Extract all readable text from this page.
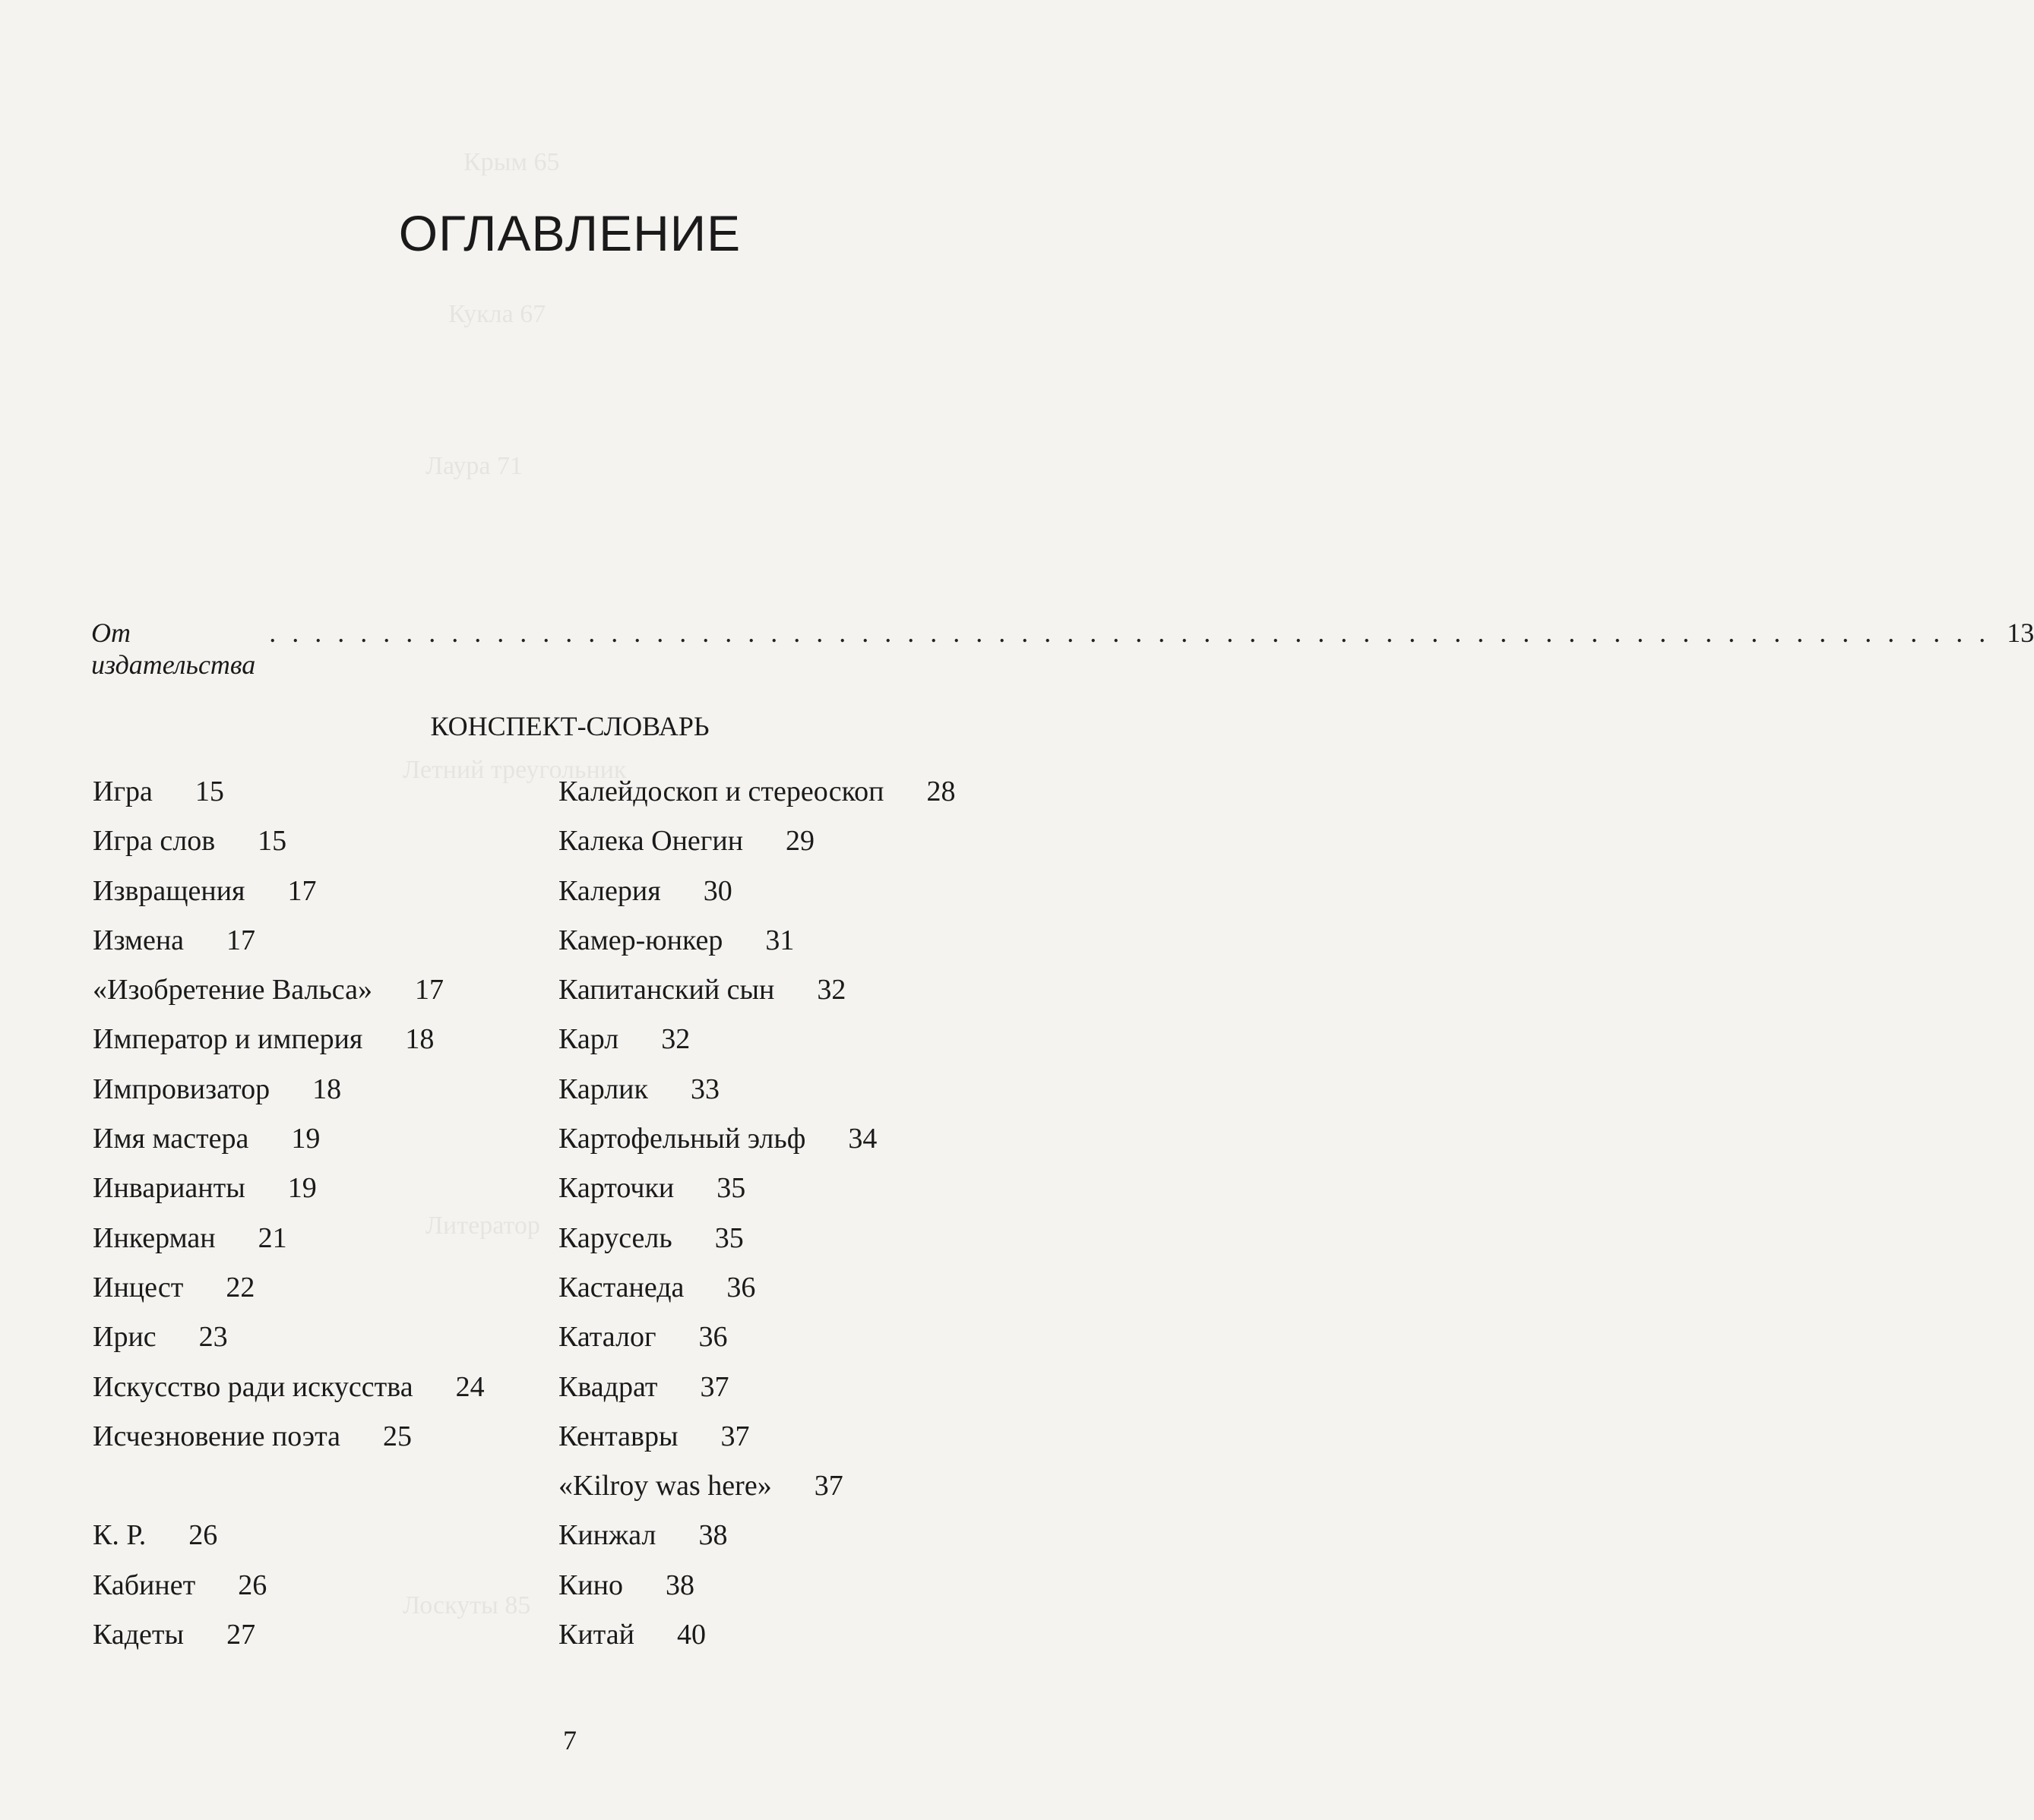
Крым 65
Кукла 67
Лаура 71
Летний треугольник
Литератор
Лоскуты 85
ОГЛАВЛЕНИЕ
От издательства
. . . . . . . . . . . . . . . . . . . . . . . . . . . . . . . . . . . . . . . . . . . . . . . . . . . . . . . . . . . . . . . . . . . . . . . . . . . . 13
КОНСПЕКТ-СЛОВАРЬ
Игра 15
Игра слов 15
Извращения 17
Измена 17
«Изобретение Вальса» 17
Император и империя 18
Импровизатор 18
Имя мастера 19
Инварианты 19
Инкерман 21
Инцест 22
Ирис 23
Искусство ради искусства 24
Исчезновение поэта 25
К. Р. 26
Кабинет 26
Кадеты 27
Калейдоскоп и стереоскоп 28
Калека Онегин 29
Калерия 30
Камер-юнкер 31
Капитанский сын 32
Карл 32
Карлик 33
Картофельный эльф 34
Карточки 35
Карусель 35
Кастанеда 36
Каталог 36
Квадрат 37
Кентавры 37
«Kilroy was here» 37
Кинжал 38
Кино 38
Китай 40
7
